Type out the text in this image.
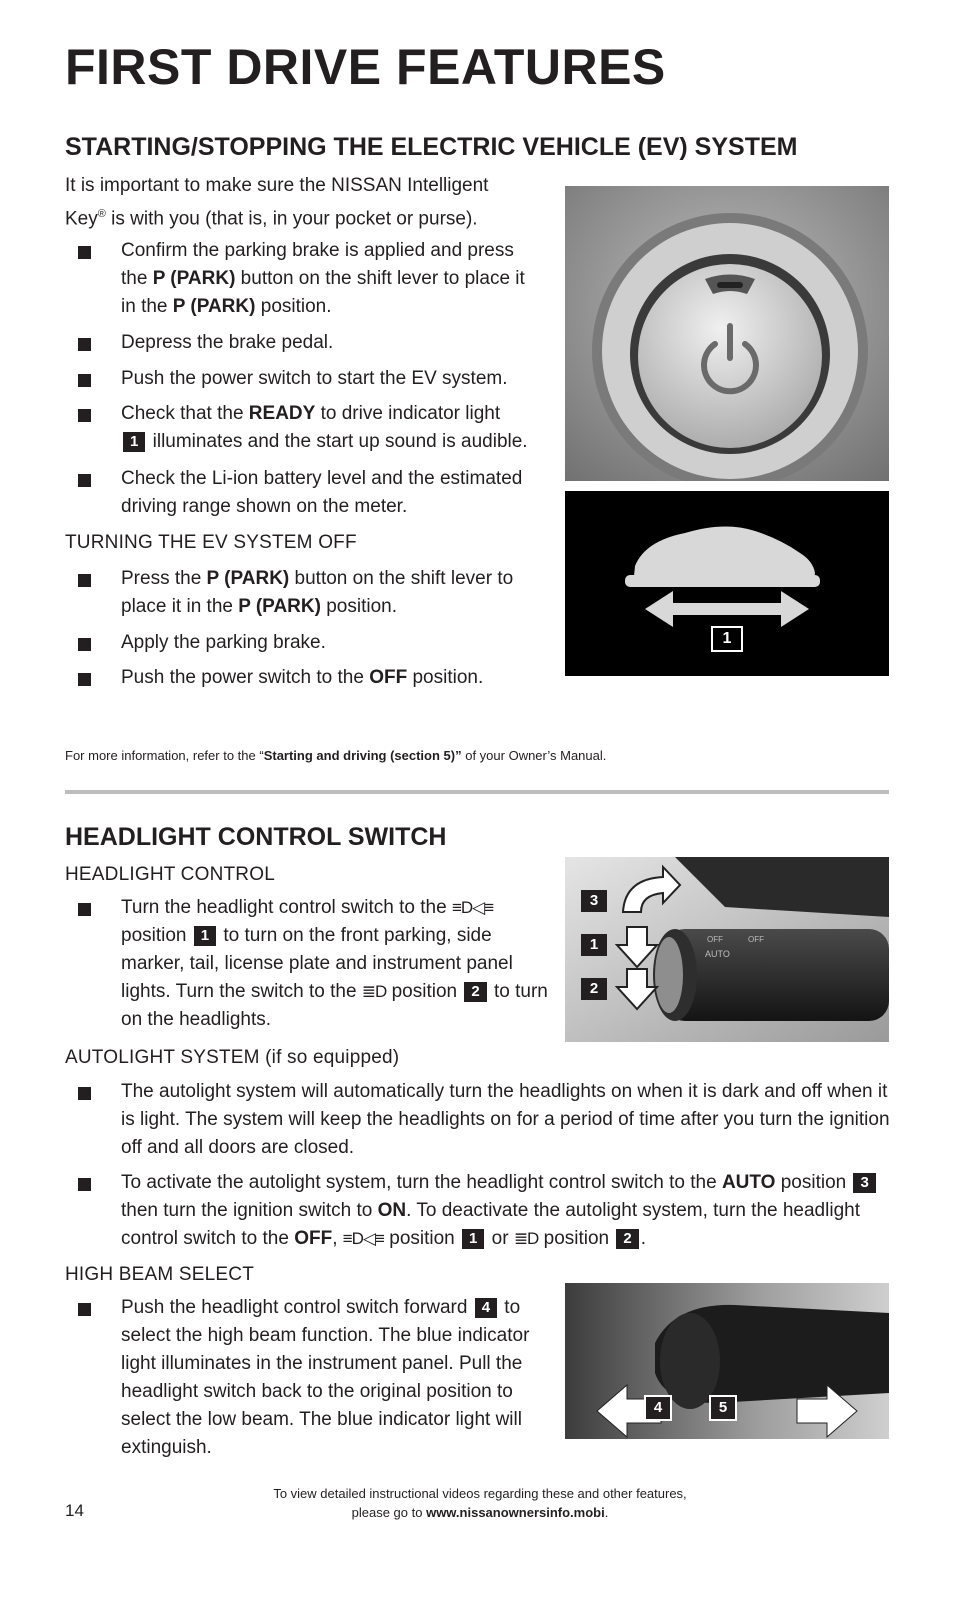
FIRST DRIVE FEATURES
STARTING/STOPPING THE ELECTRIC VEHICLE (EV) SYSTEM

It is important to make sure the NISSAN Intelligent
Key® is with you (that is, in your pocket or purse).

Confirm the parking brake is applied and press the P (PARK) button on the shift lever to place it in the P (PARK) position.
Depress the brake pedal.
Push the power switch to start the EV system.
Check that the READY to drive indicator light
1 illuminates and the start up sound is audible.
Check the Li-ion battery level and the estimated driving range shown on the meter.

TURNING THE EV SYSTEM OFF

Press the P (PARK) button on the shift lever to place it in the P (PARK) position.
Apply the parking brake.
Push the power switch to the OFF position.

For more information, refer to the “Starting and driving (section 5)” of your Owner’s Manual.

1
HEADLIGHT CONTROL SWITCH

HEADLIGHT CONTROL

Turn the headlight control switch to the ≡D◁≡ position 1 to turn on the front parking, side marker, tail, license plate and instrument panel lights. Turn the switch to the ≣D position 2 to turn on the headlights.

AUTOLIGHT SYSTEM (if so equipped)

The autolight system will automatically turn the headlights on when it is dark and off when it is light. The system will keep the headlights on for a period of time after you turn the ignition off and all doors are closed.
To activate the autolight system, turn the headlight control switch to the AUTO position 3 then turn the ignition switch to ON. To deactivate the autolight system, turn the headlight control switch to the OFF, ≡D◁≡ position 1 or ≣D position 2 .

HIGH BEAM SELECT

Push the headlight control switch forward 4 to select the high beam function. The blue indicator light illuminates in the instrument panel. Pull the headlight switch back to the original position to select the low beam. The blue indicator light will extinguish.
3
1
2
OFF	OFF
AUTO
4	5
To view detailed instructional videos regarding these and other features,
please go to www.nissanownersinfo.mobi.
14
